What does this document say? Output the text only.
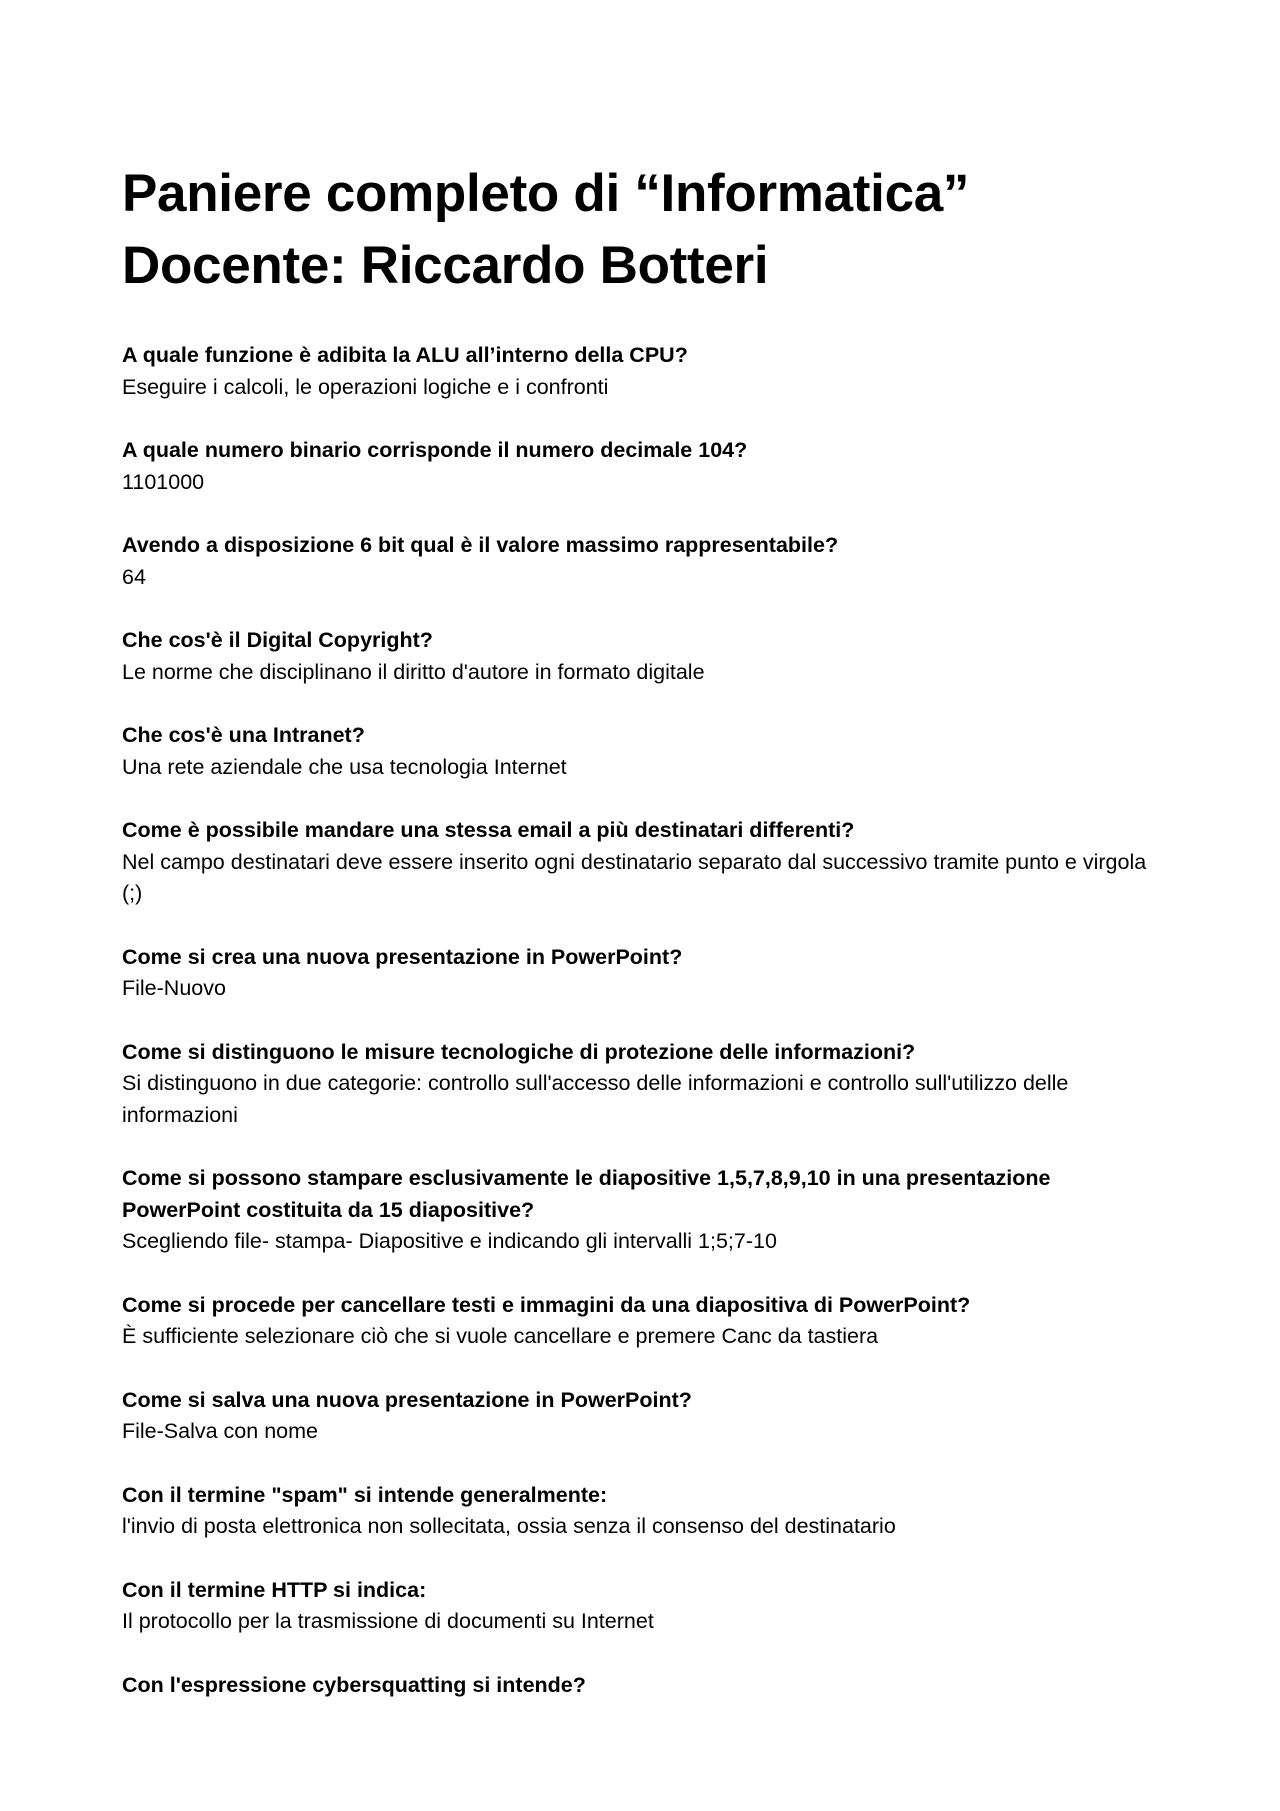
Paniere completo di “Informatica”
Docente: Riccardo Botteri
A quale funzione è adibita la ALU all’interno della CPU?
Eseguire i calcoli, le operazioni logiche e i confronti
A quale numero binario corrisponde il numero decimale 104?
1101000
Avendo a disposizione 6 bit qual è il valore massimo rappresentabile?
64
Che cos'è il Digital Copyright?
Le norme che disciplinano il diritto d'autore in formato digitale
Che cos'è una Intranet?
Una rete aziendale che usa tecnologia Internet
Come è possibile mandare una stessa email a più destinatari differenti?
Nel campo destinatari deve essere inserito ogni destinatario separato dal successivo tramite punto e virgola (;)
Come si crea una nuova presentazione in PowerPoint?
File-Nuovo
Come si distinguono le misure tecnologiche di protezione delle informazioni?
Si distinguono in due categorie: controllo sull'accesso delle informazioni e controllo sull'utilizzo delle informazioni
Come si possono stampare esclusivamente le diapositive 1,5,7,8,9,10 in una presentazione PowerPoint costituita da 15 diapositive?
Scegliendo file- stampa- Diapositive e indicando gli intervalli 1;5;7-10
Come si procede per cancellare testi e immagini da una diapositiva di PowerPoint?
È sufficiente selezionare ciò che si vuole cancellare e premere Canc da tastiera
Come si salva una nuova presentazione in PowerPoint?
File-Salva con nome
Con il termine "spam" si intende generalmente:
l'invio di posta elettronica non sollecitata, ossia senza il consenso del destinatario
Con il termine HTTP si indica:
Il protocollo per la trasmissione di documenti su Internet
Con l'espressione cybersquatting si intende?
